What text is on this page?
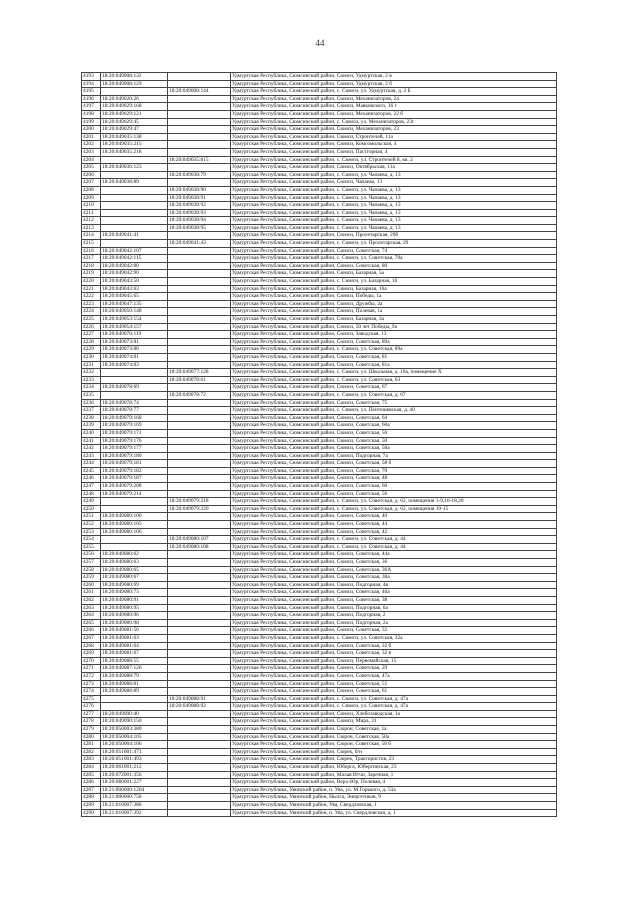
44
4193	18:20:049008:132		Удмуртская Республика, Сюмсинский район, Сюмси, Удмуртская, 2 в
4194	18:20:049008:129		Удмуртская Республика, Сюмсинский район, Сюмси, Удмуртская, 2 б
4195		18:20:049008:144	Удмуртская Республика, Сюмсинский район, с. Сюмси, ул. Удмуртская, д. 2 Б
4196	18:20:049020:26		Удмуртская Республика, Сюмсинский район, Сюмси, Механизаторов, 24
4197	18:20:049029:168		Удмуртская Республика, Сюмсинский район, Сюмси, Маяковского, 16 г
4198	18:20:049029:121		Удмуртская Республика, Сюмсинский район, Сюмси, Механизаторов, 22 б
4199	18:20:049029:45		Удмуртская Республика, Сюмсинский район, с. Сюмси, ул. Механизаторов, 23г
4200	18:20:049029:47		Удмуртская Республика, Сюмсинский район, Сюмси, Механизаторов, 23
4201	18:20:049035:138		Удмуртская Республика, Сюмсинский район, Сюмси, Строителей, 11а
4202	18:20:049035:215		Удмуртская Республика, Сюмсинский район, Сюмси, Комсомольская, 4
4203	18:20:049035:218		Удмуртская Республика, Сюмсинский район, Сюмси, Пастгорная, 4
4204		18:20:049035:815	Удмуртская Республика, Сюмсинский район, с. Сюмси, ул. Строителей 8, кв. 2
4205	18:20:049036:123		Удмуртская Республика, Сюмсинский район, Сюмси, Октябрьская, 11а
4206		18:20:049038:79	Удмуртская Республика, Сюмсинский район, с. Сюмси, ул. Чапаева, д. 13
4207	18:20:049038:89		Удмуртская Республика, Сюмсинский район, Сюмси, Чапаева, 13
4208		18:20:049038:90	Удмуртская Республика, Сюмсинский район, с. Сюмси, ул. Чапаева, д. 13
4209		18:20:049038:91	Удмуртская Республика, Сюмсинский район, с. Сюмси, ул. Чапаева, д. 13
4210		18:20:049038:92	Удмуртская Республика, Сюмсинский район, с. Сюмси, ул. Чапаева, д. 13
4211		18:20:049038:93	Удмуртская Республика, Сюмсинский район, с. Сюмси, ул. Чапаева, д. 13
4212		18:20:049038:94	Удмуртская Республика, Сюмсинский район, с. Сюмси, ул. Чапаева, д. 13
4213		18:20:049038:95	Удмуртская Республика, Сюмсинский район, с. Сюмси, ул. Чапаева, д. 13
4214	18:20:049041:41		Удмуртская Республика, Сюмсинский район, Сюмси, Пролетарская, 29б
4215		18:20:049041:43	Удмуртская Республика, Сюмсинский район, с. Сюмси, ул. Пролетарская, 29
4216	18:20:049042:107		Удмуртская Республика, Сюмсинский район, Сюмси, Советская, 74
4217	18:20:049042:115		Удмуртская Республика, Сюмсинский район, с. Сюмси, ул. Советская, 70а
4218	18:20:049042:80		Удмуртская Республика, Сюмсинский район, Сюмси, Советская, 80
4219	18:20:049042:90		Удмуртская Республика, Сюмсинский район, Сюмси, Базарная, 5а
4220	18:20:049043:50		Удмуртская Республика, Сюмсинский район, с. Сюмси, ул. Базарная, 1б
4221	18:20:049043:63		Удмуртская Республика, Сюмсинский район, Сюмси, Базарная, 16а
4222	18:20:049045:65		Удмуртская Республика, Сюмсинский район, Сюмси, Победы, 1а
4223	18:20:049047:135		Удмуртская Республика, Сюмсинский район, Сюмси, Дружбы, 2а
4224	18:20:049050:148		Удмуртская Республика, Сюмсинский район, Сюмси, Полевая, 1а
4225	18:20:049053:154		Удмуртская Республика, Сюмсинский район, Сюмси, Базарная, 3а
4226	18:20:049054:157		Удмуртская Республика, Сюмсинский район, Сюмси, 50 лет Победы, 9а
4227	18:20:049070:119		Удмуртская Республика, Сюмсинский район, Сюмси, Заводская, 13
4228	18:20:049073:81		Удмуртская Республика, Сюмсинский район, Сюмси, Советская, 89а
4229	18:20:049073:86		Удмуртская Республика, Сюмсинский район, с. Сюмси, ул. Советская, 89а
4230	18:20:049074:81		Удмуртская Республика, Сюмсинский район, Сюмси, Советская, 81
4231	18:20:049074:83		Удмуртская Республика, Сюмсинский район, Сюмси, Советская, 81а
4232		18:20:049077:128	Удмуртская Республика, Сюмсинский район, с. Сюмси, ул. Школьная, д. 10а, помещение Х
4233		18:20:049078:61	Удмуртская Республика, Сюмсинский район, с. Сюмси, ул. Советская, 63
4234	18:20:049078:69		Удмуртская Республика, Сюмсинский район, Сюмси, Советская, 67
4235		18:20:049078:72	Удмуртская Республика, Сюмсинский район, с. Сюмси, ул. Советская, д. 67
4236	18:20:049078:74		Удмуртская Республика, Сюмсинский район, Сюмси, Советская, 75
4237	18:20:049078:77		Удмуртская Республика, Сюмсинский район, с. Сюмси, ул. Пентешевская, д. 40
4238	18:20:049079:168		Удмуртская Республика, Сюмсинский район, Сюмси, Советская, 64
4239	18:20:049079:169		Удмуртская Республика, Сюмсинский район, Сюмси, Советская, 60а
4240	18:20:049079:171		Удмуртская Республика, Сюмсинский район, Сюмси, Советская, 56
4241	18:20:049079:176		Удмуртская Республика, Сюмсинский район, Сюмси, Советская, 50
4242	18:20:049079:177		Удмуртская Республика, Сюмсинский район, Сюмси, Советская, 58а
4243	18:20:049079:180		Удмуртская Республика, Сюмсинский район, Сюмси, Подгорная, 7а
4244	18:20:049079:181		Удмуртская Республика, Сюмсинский район, Сюмси, Советская, 58 б
4245	18:20:049079:182		Удмуртская Республика, Сюмсинский район, Сюмси, Советская, 70
4246	18:20:049079:187		Удмуртская Республика, Сюмсинский район, Сюмси, Советская, 48
4247	18:20:049079:208		Удмуртская Республика, Сюмсинский район, Сюмси, Советская, 60
4248	18:20:049079:214		Удмуртская Республика, Сюмсинский район, Сюмси, Советская, 56
4249		18:20:049079:218	Удмуртская Республика, Сюмсинский район, с. Сюмси, ул. Советская, д. 62, помещения 1-9,16-18,20
4250		18:20:049079:220	Удмуртская Республика, Сюмсинский район, с. Сюмси, ул. Советская, д. 62, помещения 10-15
4251	18:20:049080:100		Удмуртская Республика, Сюмсинский район, Сюмси, Советская, 40
4252	18:20:049080:105		Удмуртская Республика, Сюмсинский район, Сюмси, Советская, 44
4253	18:20:049080:106		Удмуртская Республика, Сюмсинский район, Сюмси, Советская, 42
4254		18:20:049080:107	Удмуртская Республика, Сюмсинский район, с. Сюмси, ул. Советская, д. 44
4255		18:20:049080:108	Удмуртская Республика, Сюмсинский район, с. Сюмси, ул. Советская, д. 44
4256	18:20:049080:62		Удмуртская Республика, Сюмсинский район, Сюмси, Советская, 44а
4257	18:20:049080:63		Удмуртская Республика, Сюмсинский район, Сюмси, Советская, 36
4258	18:20:049080:65		Удмуртская Республика, Сюмсинский район, Сюмси, Советская, 36А
4259	18:20:049080:67		Удмуртская Республика, Сюмсинский район, Сюмси, Советская, 38а
4260	18:20:049080:69		Удмуртская Республика, Сюмсинский район, Сюмси, Подгорная, 4в
4261	18:20:049080:73		Удмуртская Республика, Сюмсинский район, Сюмси, Советская, 46а
4262	18:20:049080:91		Удмуртская Республика, Сюмсинский район, Сюмси, Советская, 38
4263	18:20:049080:95		Удмуртская Республика, Сюмсинский район, Сюмси, Подгорная, 6а
4264	18:20:049080:96		Удмуртская Республика, Сюмсинский район, Сюмси, Подгорная, 2
4265	18:20:049080:98		Удмуртская Республика, Сюмсинский район, Сюмси, Подгорная, 2а
4266	18:20:049081:56		Удмуртская Республика, Сюмсинский район, Сюмси, Советская, 32
4267	18:20:049081:63		Удмуртская Республика, Сюмсинский район, с. Сюмси, ул. Советская, 32а
4268	18:20:049081:64		Удмуртская Республика, Сюмсинский район, Сюмси, Советская, 32 б
4269	18:20:049081:67		Удмуртская Республика, Сюмсинский район, Сюмси, Советская, 32 в
4270	18:20:049088:55		Удмуртская Республика, Сюмсинский район, Сюмси, Первомайская, 15
4271	18:20:049087:126		Удмуртская Республика, Сюмсинский район, Сюмси, Советская, 29
4272	18:20:049088:79		Удмуртская Республика, Сюмсинский район, Сюмси, Советская, 47а
4273	18:20:049088:81		Удмуртская Республика, Сюмсинский район, Сюмси, Советская, 51
4274	18:20:049088:89		Удмуртская Республика, Сюмсинский район, Сюмси, Советская, 61
4275		18:20:049088:91	Удмуртская Республика, Сюмсинский район, с. Сюмси, ул. Советская, д. 47а
4276		18:20:049088:92	Удмуртская Республика, Сюмсинский район, с. Сюмси, ул. Советская, д. 47а
4277	18:20:049090:40		Удмуртская Республика, Сюмсинский район, Сюмси, Хлебозаводская, 1а
4278	18:20:049090:150		Удмуртская Республика, Сюмсинский район, Сюмси, Мира, 31
4279	18:20:050003:380		Удмуртская Республика, Сюмсинский район, Сюрон, Советская, 1а
4280	18:20:050004:105		Удмуртская Республика, Сюмсинский район, Сюрон, Советская, 58а
4281	18:20:050004:106		Удмуртская Республика, Сюмсинский район, Сюрон, Советская, 58 б
4282	18:20:051001:471		Удмуртская Республика, Сюмсинский район, Сюрек, 6/н
4283	18:20:051001:493		Удмуртская Республика, Сюмсинский район, Сюрек, Трактористов, 23
4284	18:20:061001:212		Удмуртская Республика, Сюмсинский район, Юберга, Юбергинская, 23
4285	18:20:072001:356		Удмуртская Республика, Сюмсинский район, Малая Итчи, Заречная, 1
4286	18:20:080001:227		Удмуртская Республика, Сюмсинский район, Верх-Юр, Полевая, 4
4287	18:21:000000:1204		Удмуртская Республика, Увинский район, п. Ува, ул. М.Горького, д. 53а
4288	18:21:000000:758		Удмуртская Республика, Увинский район, Нылга, Энергетиков, 9
4289	18:21:010007:386		Удмуртская Республика, Увинский район, Ува, Свердловская, 1
4290	18:21:010007:392		Удмуртская Республика, Увинский район, п. Ува, ул. Свердловская, д. 1
